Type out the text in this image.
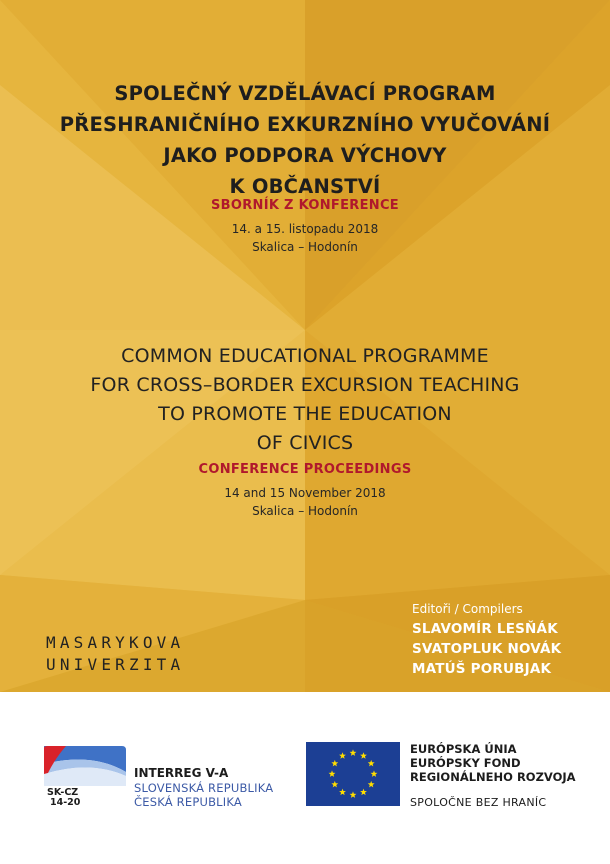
SPOLEČNÝ VZDĚLÁVACÍ PROGRAM
PŘESHRANIČNÍHO EXKURZNÍHO VYUČOVÁNÍ
JAKO PODPORA VÝCHOVY
K OBČANSTVÍ
SBORNÍK Z KONFERENCE
14. a 15. listopadu 2018
Skalica – Hodonín
COMMON EDUCATIONAL PROGRAMME
FOR CROSS–BORDER EXCURSION TEACHING
TO PROMOTE THE EDUCATION
OF CIVICS
CONFERENCE PROCEEDINGS
14 and 15 November 2018
Skalica – Hodonín
MASARYKOVA
UNIVERZITA
Editoři / Compilers
SLAVOMÍR LESŇÁK
SVATOPLUK NOVÁK
MATÚŠ PORUBJAK
SK-CZ
14-20
INTERREG V-A
SLOVENSKÁ REPUBLIKA
ČESKÁ REPUBLIKA
EURÓPSKA ÚNIA
EURÓPSKY FOND
REGIONÁLNEHO ROZVOJA
SPOLOČNE BEZ HRANÍC
